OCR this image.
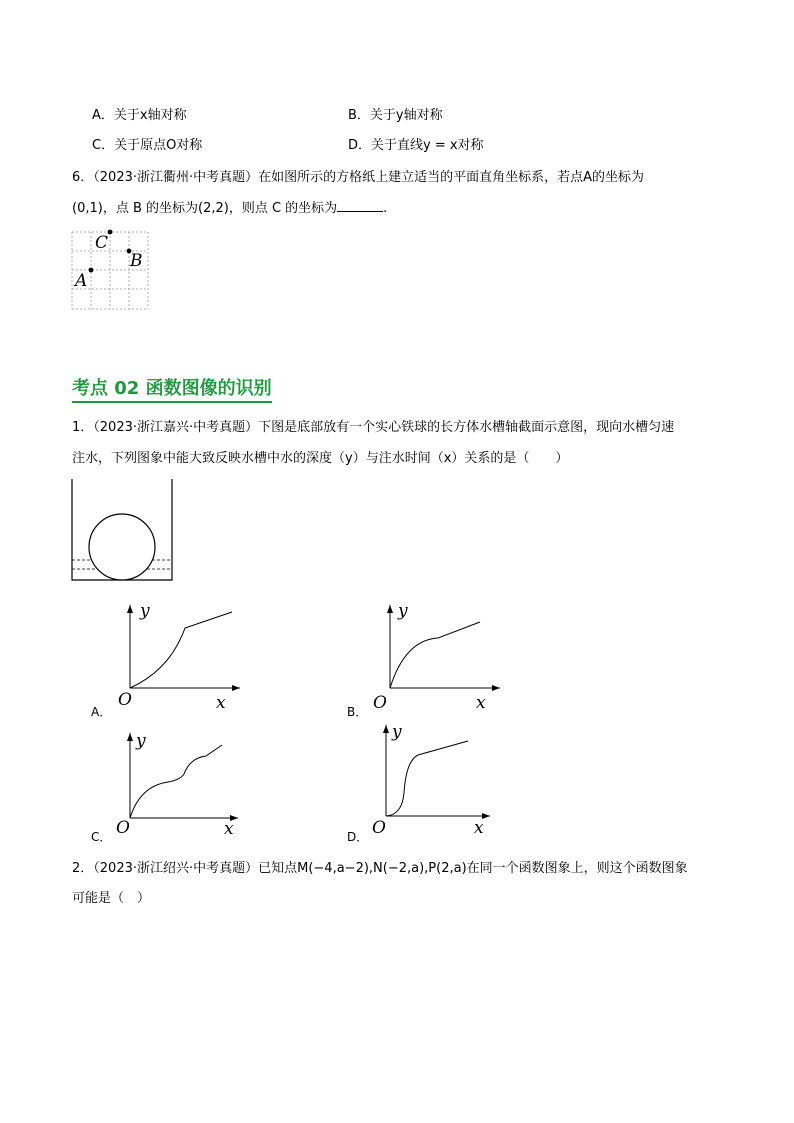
A．关于x轴对称	B．关于y轴对称
C．关于原点O对称	D．关于直线y = x对称
6．（2023·浙江衢州·中考真题）在如图所示的方格纸上建立适当的平面直角坐标系，若点A的坐标为
(0,1)，点 B 的坐标为(2,2)，则点 C 的坐标为	.
A
B
C
考点 02 函数图像的识别
1．（2023·浙江嘉兴·中考真题）下图是底部放有一个实心铁球的长方体水槽轴截面示意图，现向水槽匀速
注水，下列图象中能大致反映水槽中水的深度（y）与注水时间（x）关系的是（　　）
y
x
O
A．
y
x
O
B．
y
x
O
C．
y
x
O
D．
2．（2023·浙江绍兴·中考真题）已知点M(−4,a−2),N(−2,a),P(2,a)在同一个函数图象上，则这个函数图象
可能是（　）
